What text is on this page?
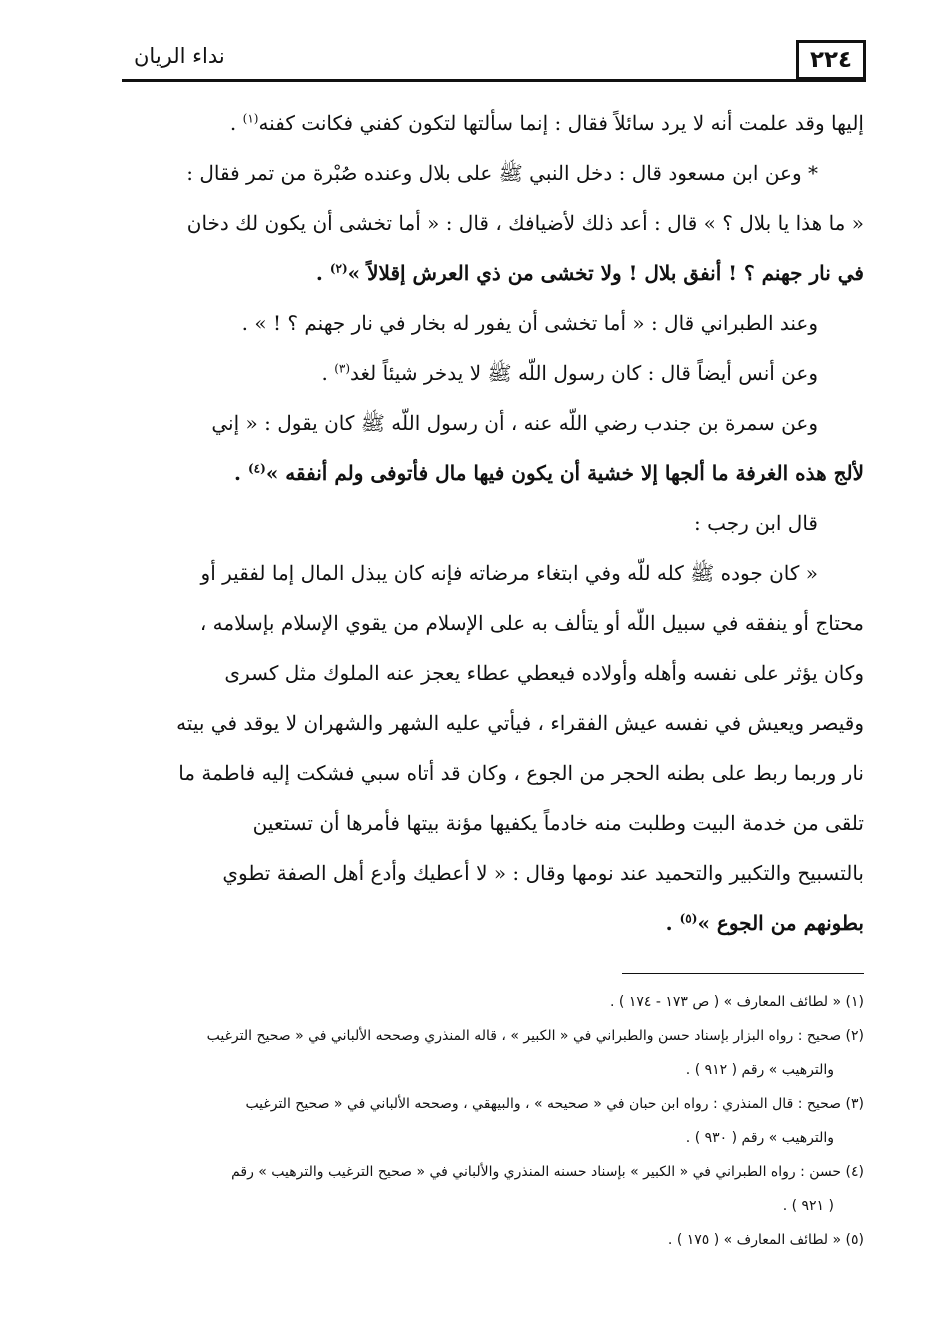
٢٢٤
نداء الريان

إليها وقد علمت أنه لا يرد سائلاً فقال : إنما سألتها لتكون كفني فكانت كفنه$^{(١)}$ .
* وعن ابن مسعود قال : دخل النبي ﷺ على بلال وعنده صُبْرة من تمر فقال :
« ما هذا يا بلال ؟ » قال : أعد ذلك لأضيافك ، قال : « أما تخشى أن يكون لك دخان
في نار جهنم ؟ ! أنفق بلال ! ولا تخشى من ذي العرش إقلالاً »$^{(٢)}$ .
وعند الطبراني قال : « أما تخشى أن يفور له بخار في نار جهنم ؟ ! » .
وعن أنس أيضاً قال : كان رسول اللّه ﷺ لا يدخر شيئاً لغد$^{(٣)}$ .
وعن سمرة بن جندب رضي اللّه عنه ، أن رسول اللّه ﷺ كان يقول : « إني
لألج هذه الغرفة ما ألجها إلا خشية أن يكون فيها مال فأتوفى ولم أنفقه »$^{(٤)}$ .
قال ابن رجب :
« كان جوده ﷺ كله للّه وفي ابتغاء مرضاته فإنه كان يبذل المال إما لفقير أو
محتاج أو ينفقه في سبيل اللّه أو يتألف به على الإسلام من يقوي الإسلام بإسلامه ،
وكان يؤثر على نفسه وأهله وأولاده فيعطي عطاء يعجز عنه الملوك مثل كسرى
وقيصر ويعيش في نفسه عيش الفقراء ، فيأتي عليه الشهر والشهران لا يوقد في بيته
نار وربما ربط على بطنه الحجر من الجوع ، وكان قد أتاه سبي فشكت إليه فاطمة ما
تلقى من خدمة البيت وطلبت منه خادماً يكفيها مؤنة بيتها فأمرها أن تستعين
بالتسبيح والتكبير والتحميد عند نومها وقال : « لا أعطيك وأدع أهل الصفة تطوي
بطونهم من الجوع »$^{(٥)}$ .

(١) « لطائف المعارف » ( ص ١٧٣ - ١٧٤ ) .
(٢) صحيح : رواه البزار بإسناد حسن والطبراني في « الكبير » ، قاله المنذري وصححه الألباني في « صحيح الترغيب
والترهيب » رقم ( ٩١٢ ) .
(٣) صحيح : قال المنذري : رواه ابن حبان في « صحيحه » ، والبيهقي ، وصححه الألباني في « صحيح الترغيب
والترهيب » رقم ( ٩٣٠ ) .
(٤) حسن : رواه الطبراني في « الكبير » بإسناد حسنه المنذري والألباني في « صحيح الترغيب والترهيب » رقم
( ٩٢١ ) .
(٥) « لطائف المعارف » ( ١٧٥ ) .
